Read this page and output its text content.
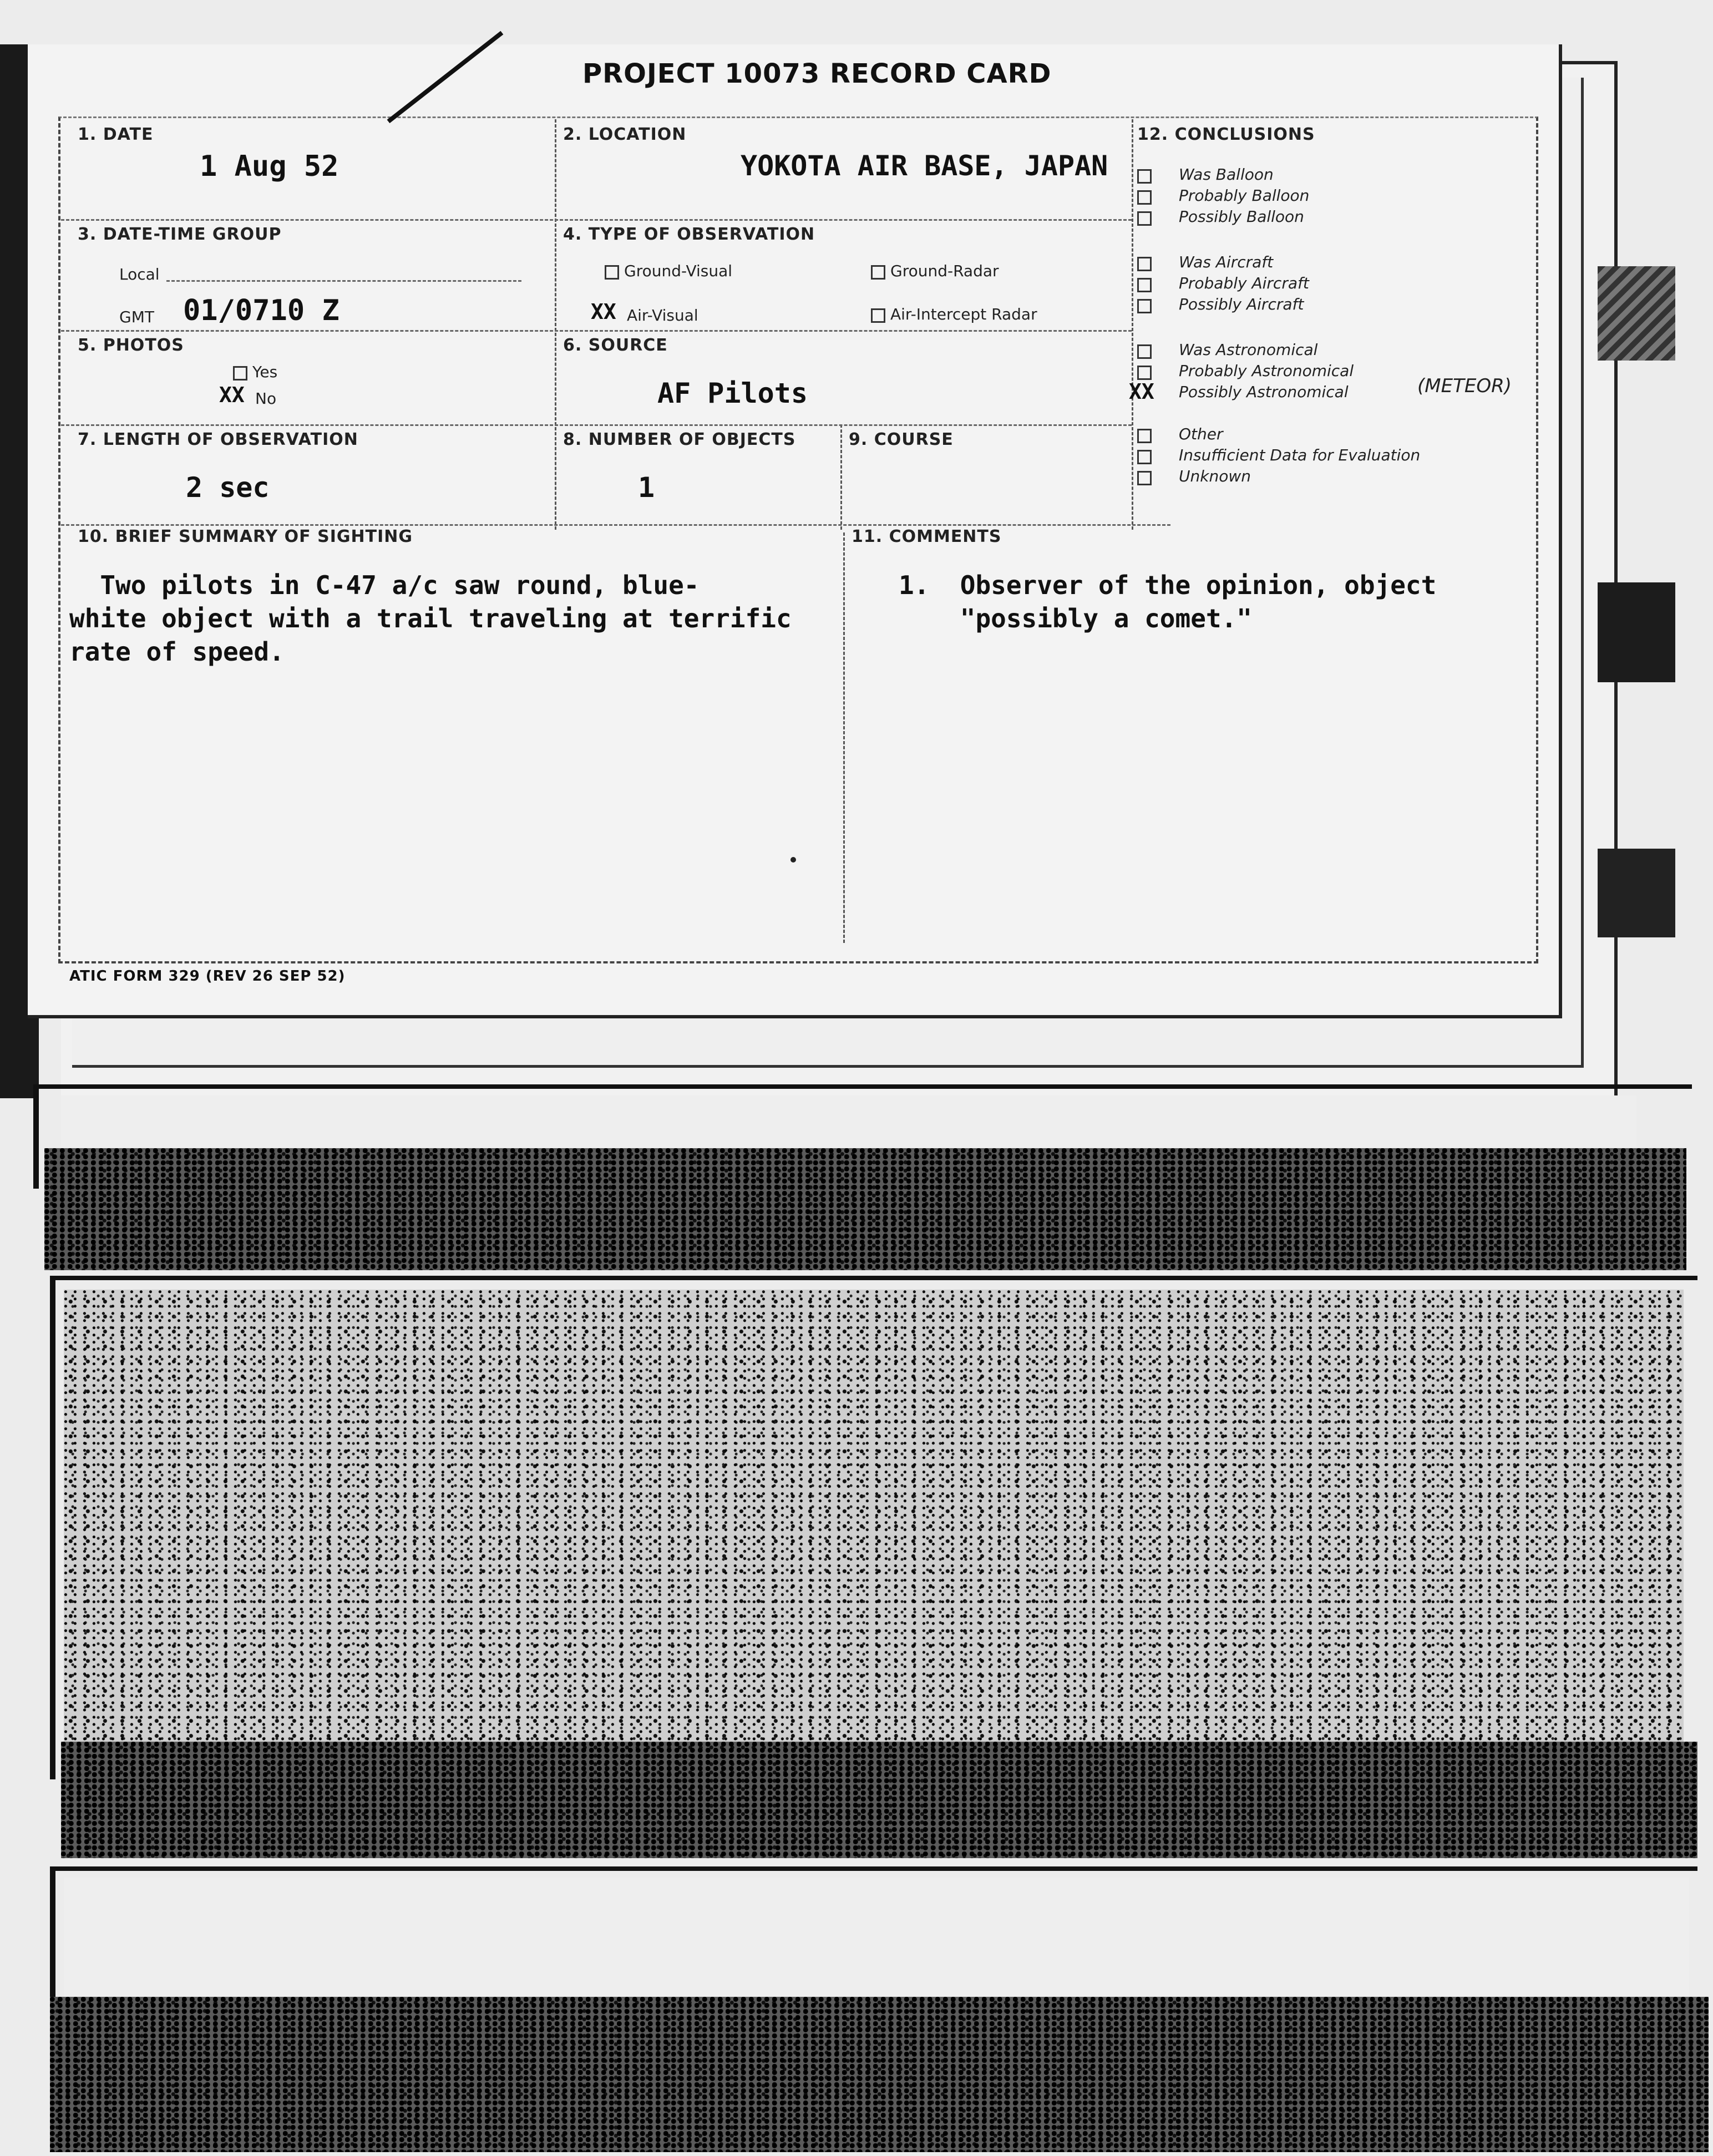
PROJECT 10073 RECORD CARD
1. DATE
1 Aug 52
2. LOCATION
YOKOTA AIR BASE, JAPAN
3. DATE-TIME GROUP
Local
GMT 01/0710 Z
4. TYPE OF OBSERVATION
Ground-Visual	Ground-Radar
XX Air-Visual	Air-Intercept Radar
5. PHOTOS
Yes
XX No
6. SOURCE
AF Pilots
7. LENGTH OF OBSERVATION
2 sec
8. NUMBER OF OBJECTS
1
9. COURSE
12. CONCLUSIONS
Was Balloon
Probably Balloon
Possibly Balloon
Was Aircraft
Probably Aircraft
Possibly Aircraft
Was Astronomical
Probably Astronomical
XX Possibly Astronomical	(METEOR)
Other
Insufficient Data for Evaluation
Unknown
10. BRIEF SUMMARY OF SIGHTING
Two pilots in C-47 a/c saw round, blue-
white object with a trail traveling at terrific
rate of speed.
11. COMMENTS
1.  Observer of the opinion, object
"possibly a comet."
ATIC FORM 329 (REV 26 SEP 52)
